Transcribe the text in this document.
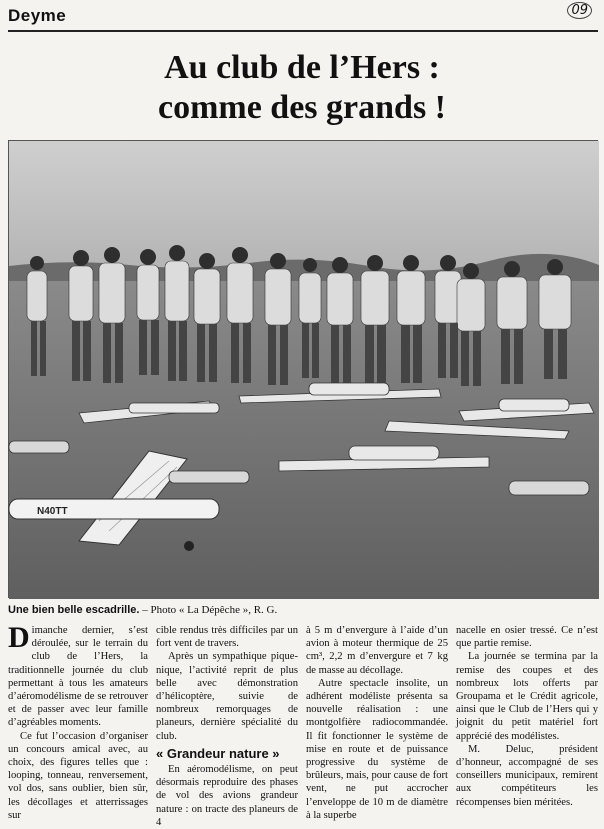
Deyme	09
Au club de l’Hers :
comme des grands !
N40TT
Une bien belle escadrille. – Photo « La Dépêche », R. G.

Dimanche dernier, s’est déroulée, sur le terrain du club de l’Hers, la traditionnelle journée du club permettant à tous les amateurs d’aéromodélisme de se retrouver et de passer avec leur famille d’agréables moments.

Ce fut l’occasion d’organiser un concours amical avec, au choix, des figures telles que : looping, tonneau, renversement, vol dos, sans oublier, bien sûr, les décollages et atterrissages sur

cible rendus très difficiles par un fort vent de travers.

Après un sympathique pique-nique, l’activité reprit de plus belle avec démonstration d’hélicoptère, suivie de nombreux remorquages de planeurs, dernière spécialité du club.

« Grandeur nature »

En aéromodélisme, on peut désormais reproduire des phases de vol des avions grandeur nature : on tracte des planeurs de 4

à 5 m d’envergure à l’aide d’un avion à moteur thermique de 25 cm³, 2,2 m d’envergure et 7 kg de masse au décollage.

Autre spectacle insolite, un adhérent modéliste présenta sa nouvelle réalisation : une montgolfière radiocommandée. Il fit fonctionner le système de mise en route et de puissance progressive du système de brûleurs, mais, pour cause de fort vent, ne put accrocher l’enveloppe de 10 m de diamètre à la superbe

nacelle en osier tressé. Ce n’est que partie remise.

La journée se termina par la remise des coupes et des nombreux lots offerts par Groupama et le Crédit agricole, ainsi que le Club de l’Hers qui y joignit du petit matériel fort apprécié des modélistes.

M. Deluc, président d’honneur, accompagné de ses conseillers municipaux, remirent aux compétiteurs les récompenses bien méritées.
